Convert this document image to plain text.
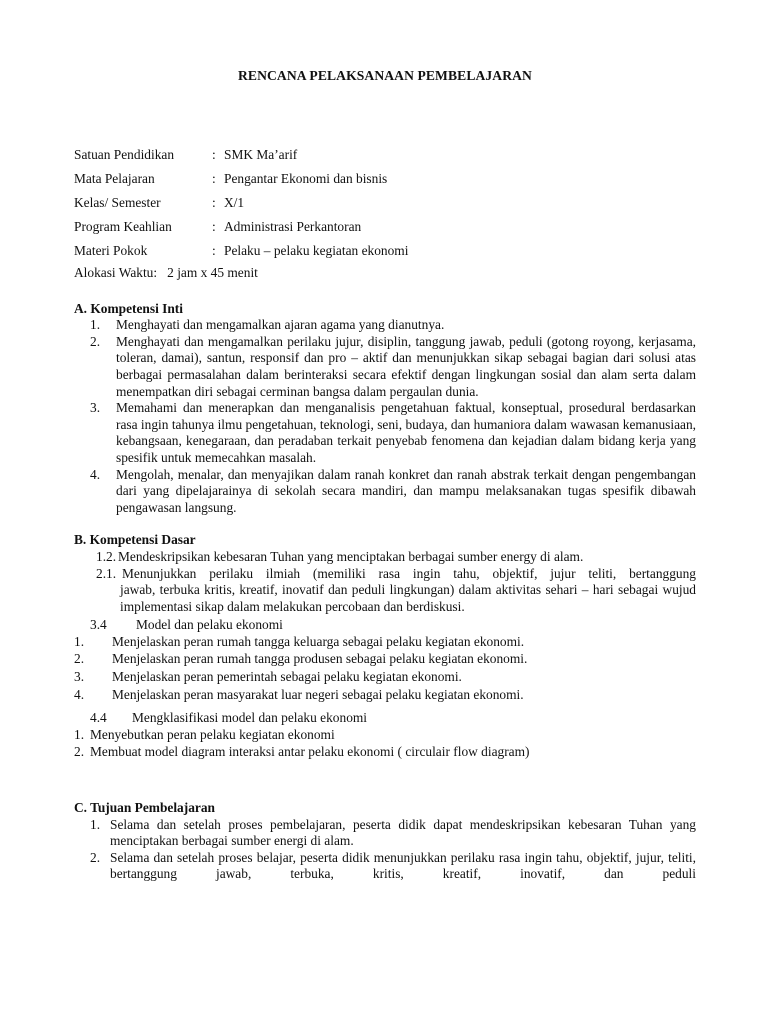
RENCANA PELAKSANAAN PEMBELAJARAN
Satuan Pendidikan	: SMK Ma’arif
Mata Pelajaran	: Pengantar Ekonomi dan bisnis
Kelas/ Semester	: X/1
Program Keahlian	: Administrasi Perkantoran
Materi Pokok	: Pelaku – pelaku kegiatan ekonomi
Alokasi Waktu:   2 jam x 45 menit
A. Kompetensi Inti
1.	Menghayati dan mengamalkan ajaran agama yang dianutnya.
2.	Menghayati dan mengamalkan perilaku jujur, disiplin, tanggung jawab, peduli (gotong royong, kerjasama, toleran, damai), santun, responsif dan pro – aktif dan menunjukkan sikap sebagai bagian dari solusi atas berbagai permasalahan dalam berinteraksi secara efektif dengan lingkungan sosial dan alam serta dalam menempatkan diri sebagai cerminan bangsa dalam pergaulan dunia.
3.	Memahami dan menerapkan dan menganalisis pengetahuan faktual, konseptual, prosedural berdasarkan rasa ingin tahunya ilmu pengetahuan, teknologi, seni, budaya, dan humaniora dalam wawasan kemanusiaan, kebangsaan, kenegaraan, dan peradaban terkait penyebab fenomena dan kejadian dalam bidang kerja yang spesifik untuk memecahkan masalah.
4.	Mengolah, menalar, dan menyajikan dalam ranah konkret dan ranah abstrak terkait dengan pengembangan dari yang dipelajarainya di sekolah secara mandiri, dan mampu melaksanakan tugas spesifik dibawah pengawasan langsung.
B. Kompetensi Dasar
1.2. Mendeskripsikan kebesaran Tuhan yang menciptakan berbagai sumber energy di alam.
2.1. Menunjukkan perilaku ilmiah (memiliki rasa ingin tahu, objektif, jujur teliti, bertanggung
jawab, terbuka kritis, kreatif, inovatif dan peduli lingkungan) dalam aktivitas sehari – hari sebagai wujud implementasi sikap dalam melakukan percobaan dan berdiskusi.
3.4	Model dan pelaku ekonomi
1.	Menjelaskan peran rumah tangga keluarga sebagai pelaku kegiatan ekonomi.
2.	Menjelaskan peran rumah tangga produsen sebagai pelaku kegiatan ekonomi.
3.	Menjelaskan peran pemerintah sebagai pelaku kegiatan ekonomi.
4.	Menjelaskan peran masyarakat luar negeri sebagai pelaku kegiatan ekonomi.
4.4	Mengklasifikasi model dan pelaku ekonomi
1. Menyebutkan peran pelaku kegiatan ekonomi
2. Membuat model diagram interaksi antar pelaku ekonomi ( circulair flow diagram)
C. Tujuan Pembelajaran
1. Selama dan setelah proses pembelajaran, peserta didik dapat mendeskripsikan kebesaran Tuhan yang menciptakan berbagai sumber energi di alam.
2. Selama dan setelah proses belajar, peserta didik menunjukkan perilaku rasa ingin tahu, objektif, jujur, teliti, bertanggung jawab, terbuka, kritis, kreatif, inovatif, dan peduli
